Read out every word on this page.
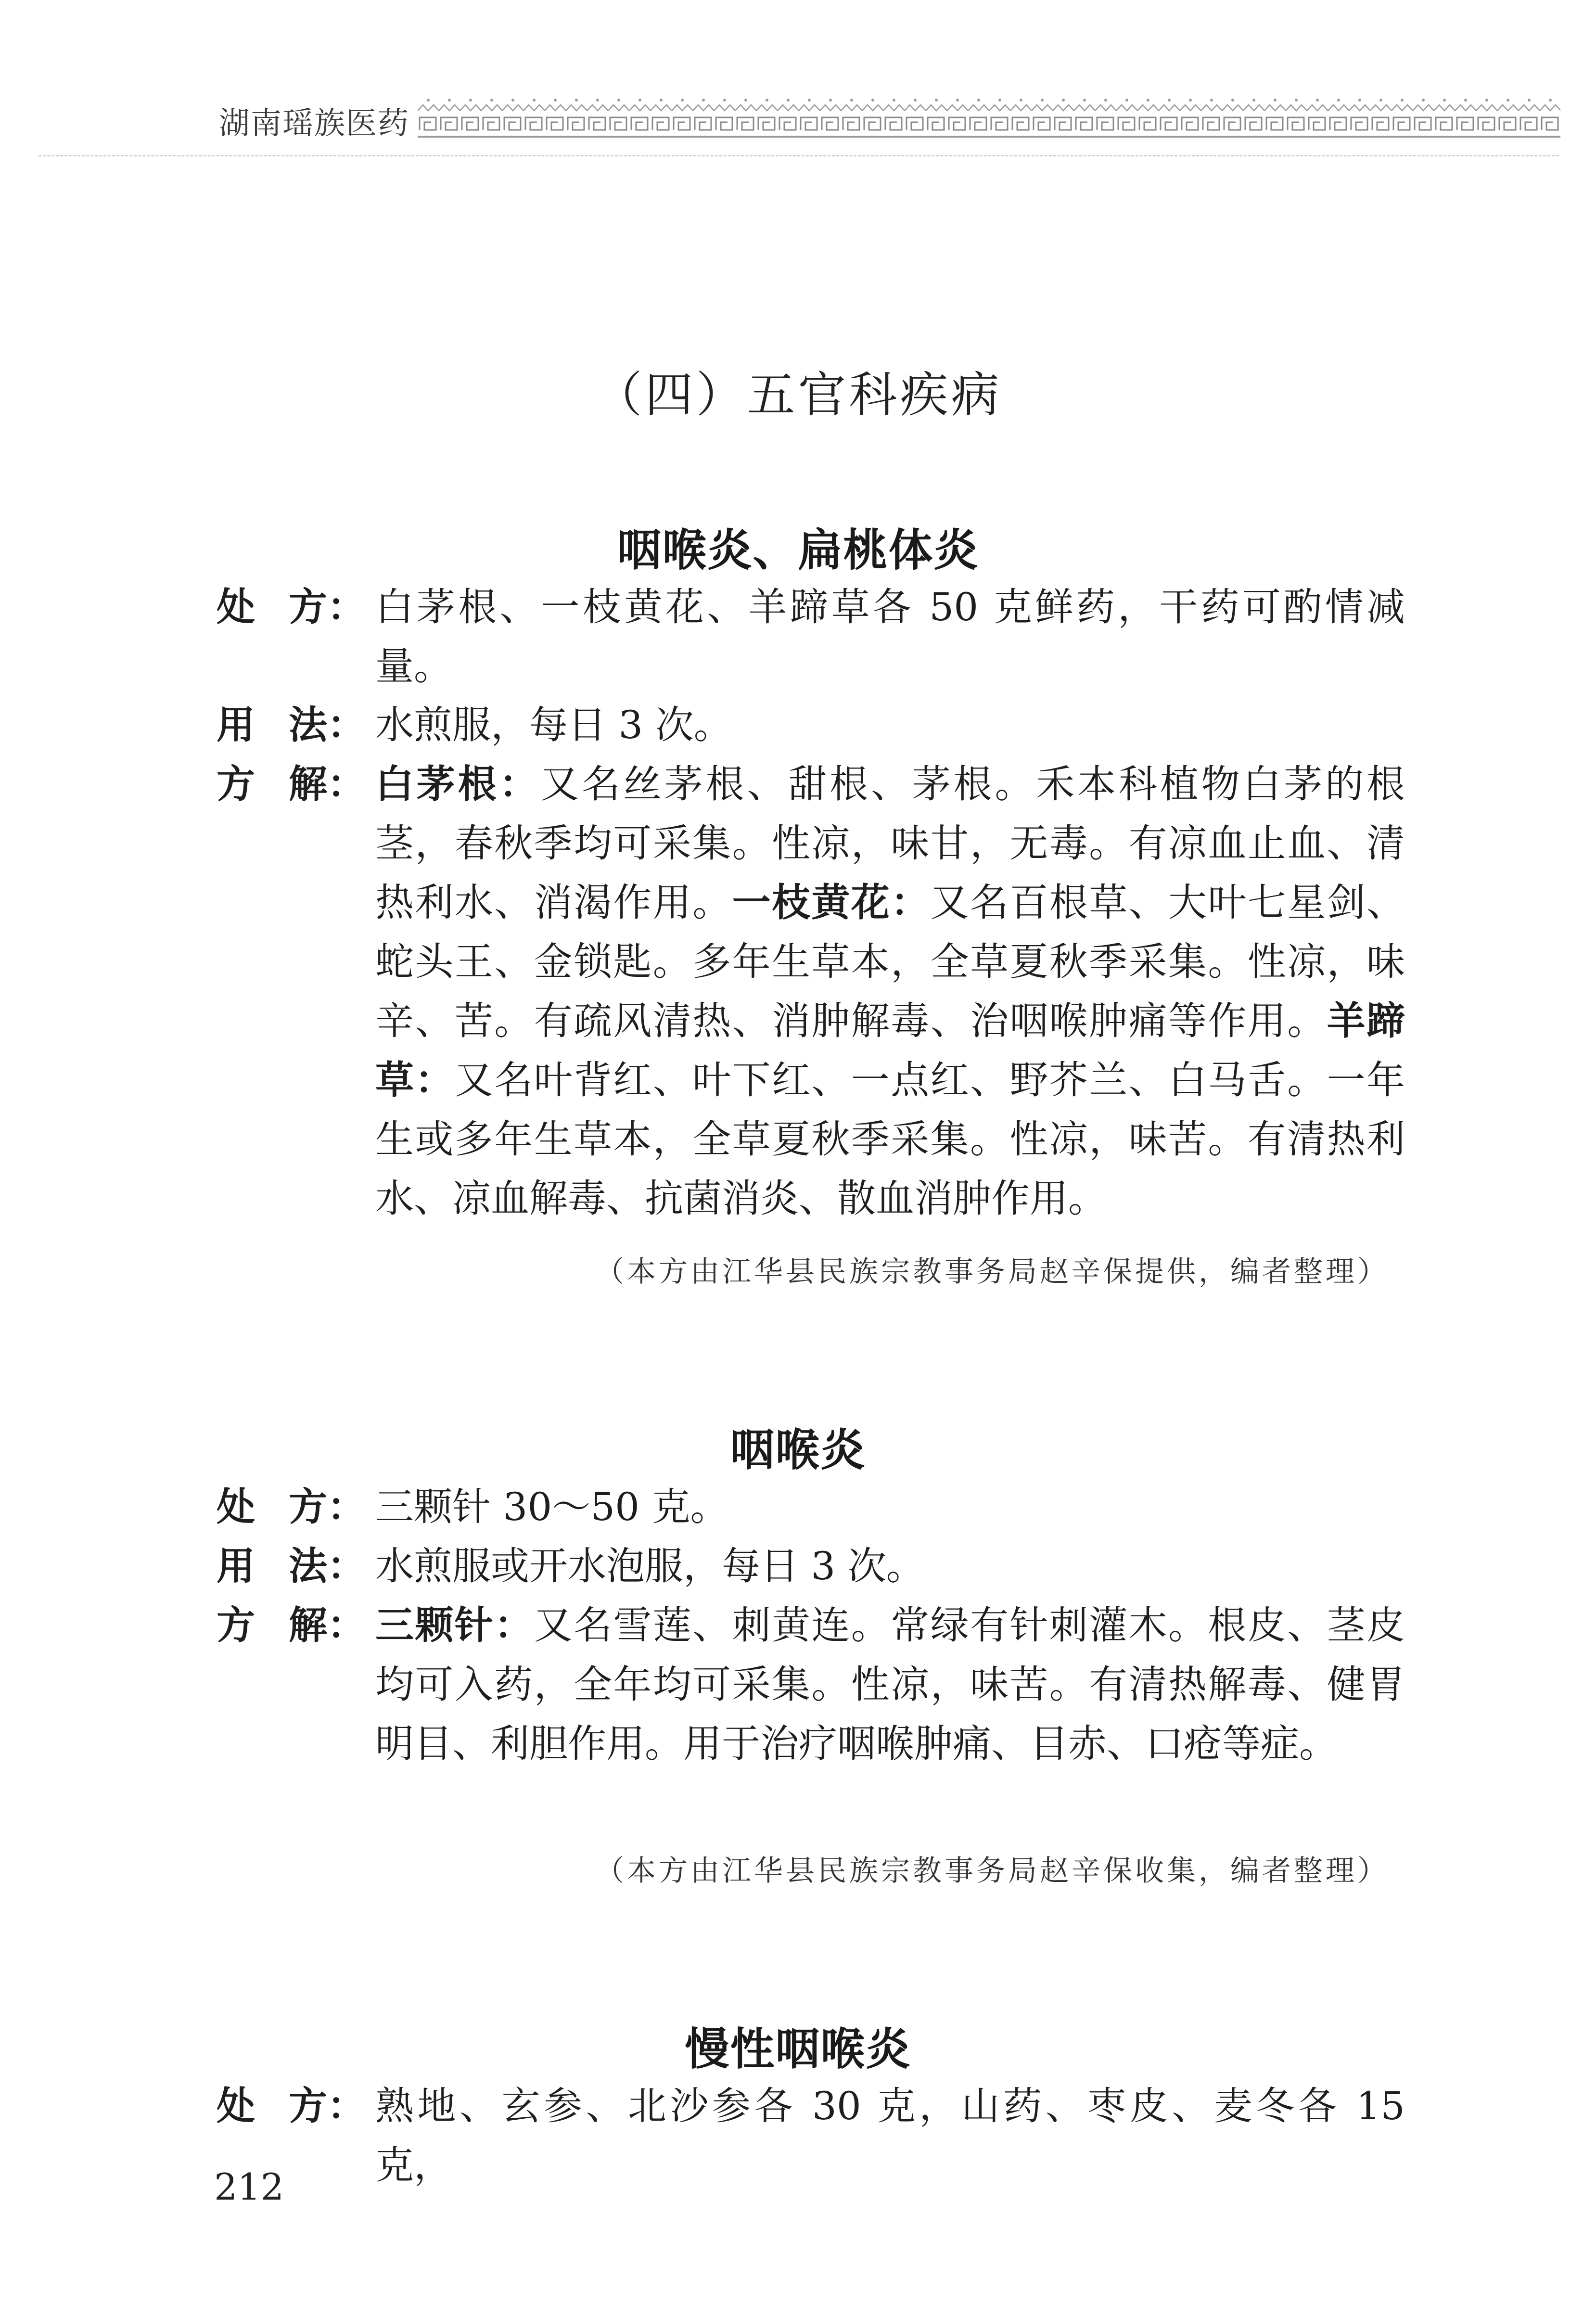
湖南瑶族医药
（四）五官科疾病
咽喉炎、扁桃体炎
处 方： 白茅根、一枝黄花、羊蹄草各 50 克鲜药，干药可酌情减量。
用 法： 水煎服，每日 3 次。
方 解： 白茅根：又名丝茅根、甜根、茅根。禾本科植物白茅的根茎，春秋季均可采集。性凉，味甘，无毒。有凉血止血、清热利水、消渴作用。一枝黄花：又名百根草、大叶七星剑、蛇头王、金锁匙。多年生草本，全草夏秋季采集。性凉，味辛、苦。有疏风清热、消肿解毒、治咽喉肿痛等作用。羊蹄草：又名叶背红、叶下红、一点红、野芥兰、白马舌。一年生或多年生草本，全草夏秋季采集。性凉，味苦。有清热利水、凉血解毒、抗菌消炎、散血消肿作用。
（本方由江华县民族宗教事务局赵辛保提供，编者整理）
咽喉炎
处 方： 三颗针 30～50 克。
用 法： 水煎服或开水泡服，每日 3 次。
方 解： 三颗针：又名雪莲、刺黄连。常绿有针刺灌木。根皮、茎皮均可入药，全年均可采集。性凉，味苦。有清热解毒、健胃明目、利胆作用。用于治疗咽喉肿痛、目赤、口疮等症。
（本方由江华县民族宗教事务局赵辛保收集，编者整理）
慢性咽喉炎
处 方： 熟地、玄参、北沙参各 30 克，山药、枣皮、麦冬各 15 克，
212
